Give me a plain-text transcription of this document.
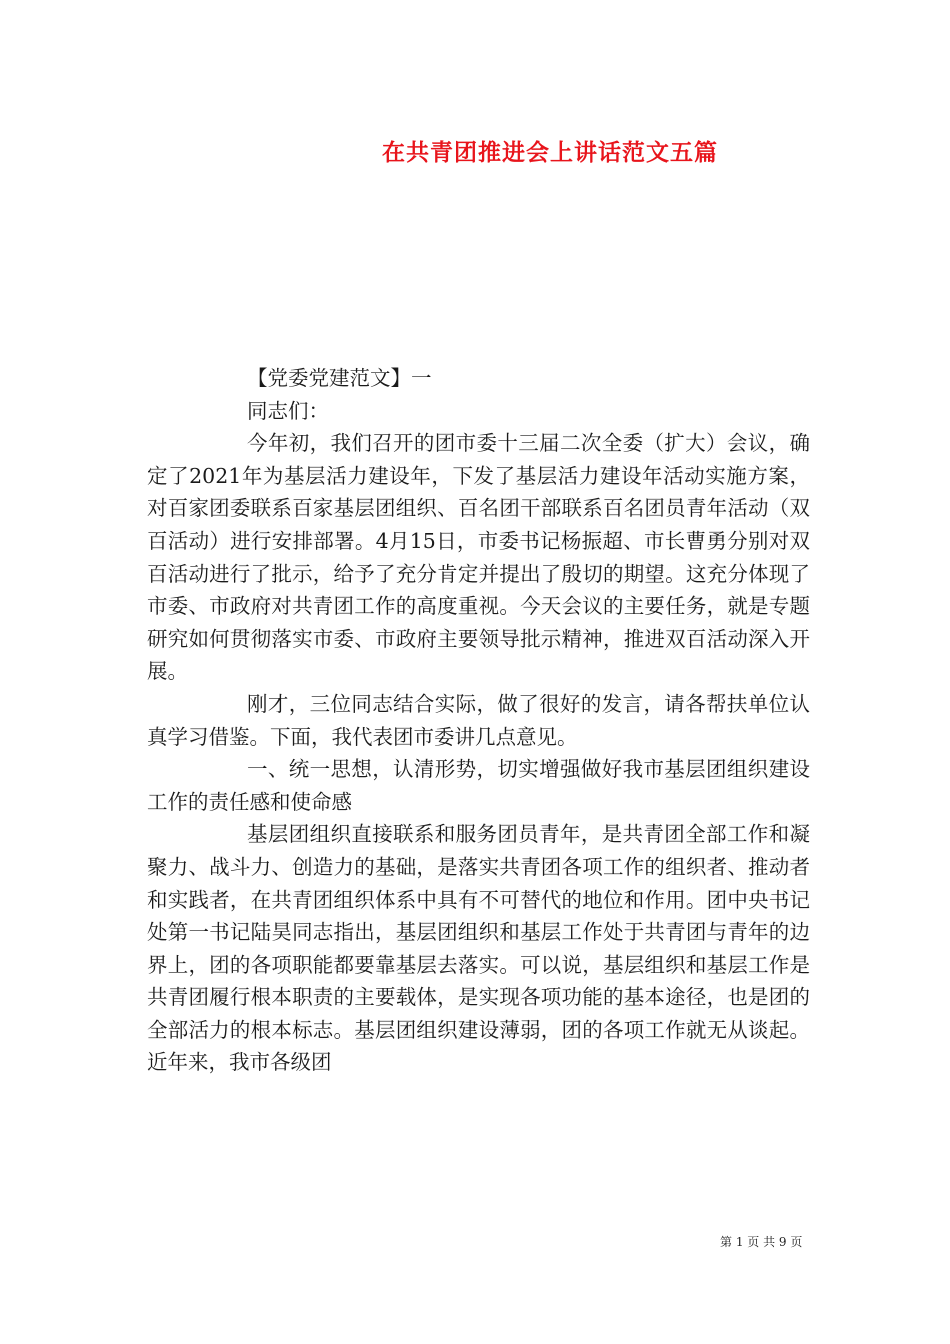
在共青团推进会上讲话范文五篇

【党委党建范文】一

同志们：

今年初，我们召开的团市委十三届二次全委（扩大）会议，确定了2021年为基层活力建设年，下发了基层活力建设年活动实施方案，对百家团委联系百家基层团组织、百名团干部联系百名团员青年活动（双百活动）进行安排部署。4月15日，市委书记杨振超、市长曹勇分别对双百活动进行了批示，给予了充分肯定并提出了殷切的期望。这充分体现了市委、市政府对共青团工作的高度重视。今天会议的主要任务，就是专题研究如何贯彻落实市委、市政府主要领导批示精神，推进双百活动深入开展。

刚才，三位同志结合实际，做了很好的发言，请各帮扶单位认真学习借鉴。下面，我代表团市委讲几点意见。

一、统一思想，认清形势，切实增强做好我市基层团组织建设工作的责任感和使命感

基层团组织直接联系和服务团员青年，是共青团全部工作和凝聚力、战斗力、创造力的基础，是落实共青团各项工作的组织者、推动者和实践者，在共青团组织体系中具有不可替代的地位和作用。团中央书记处第一书记陆昊同志指出，基层团组织和基层工作处于共青团与青年的边界上，团的各项职能都要靠基层去落实。可以说，基层组织和基层工作是共青团履行根本职责的主要载体，是实现各项功能的基本途径，也是团的全部活力的根本标志。基层团组织建设薄弱，团的各项工作就无从谈起。近年来，我市各级团

第 1 页 共 9 页
